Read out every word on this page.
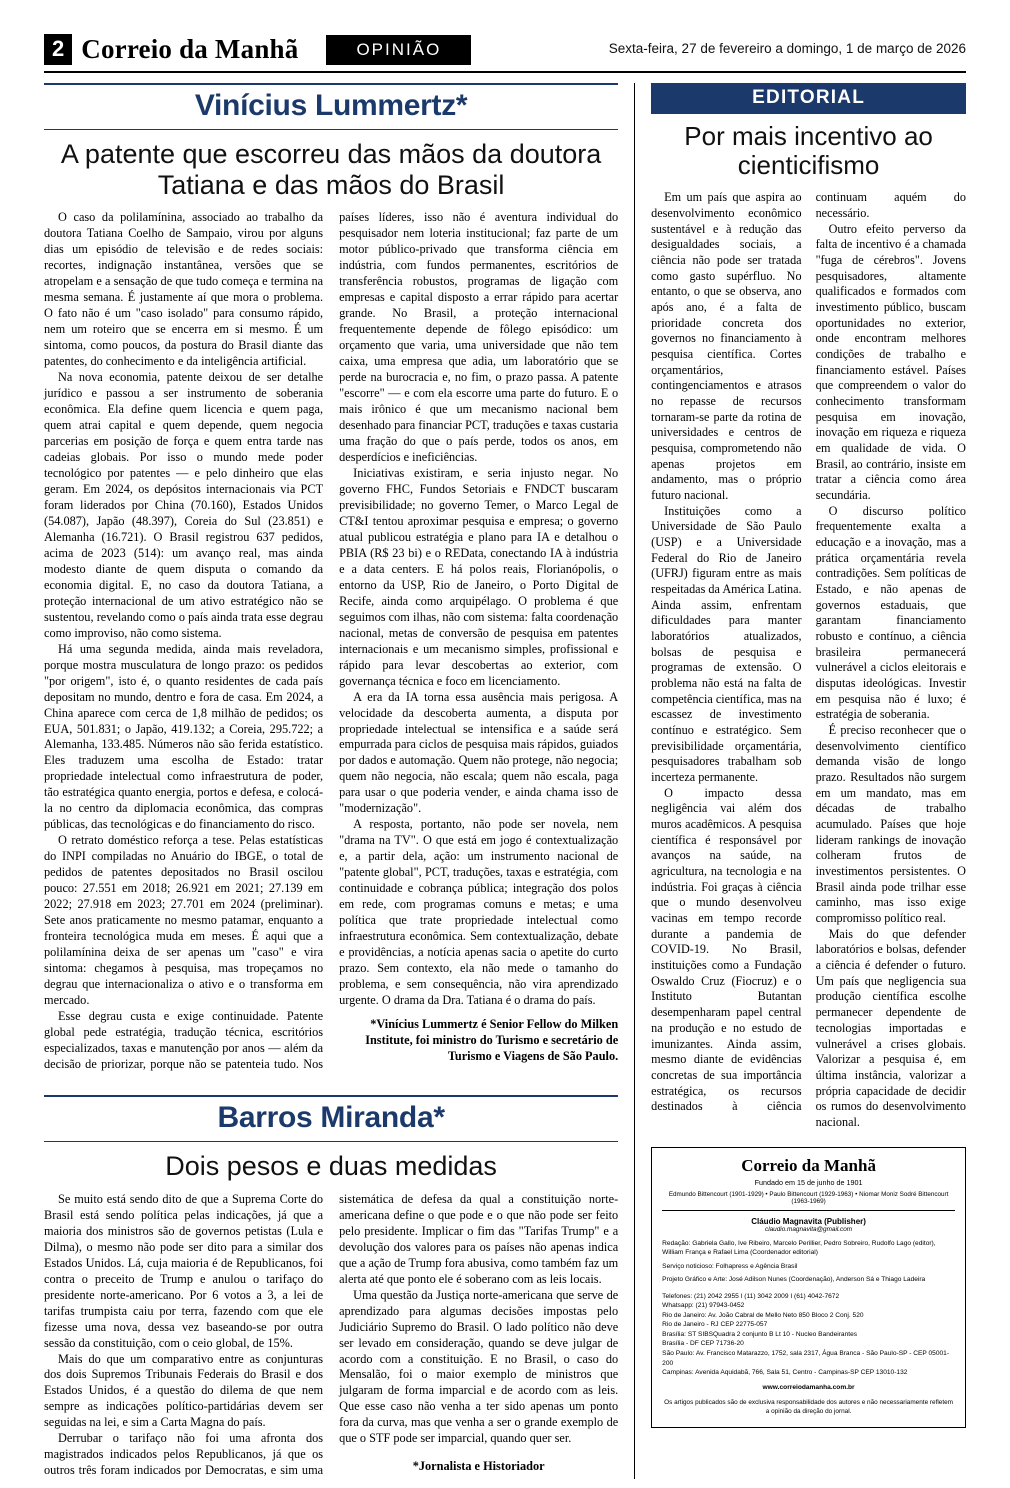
2 Correio da Manhã	OPINIÃO	Sexta-feira, 27 de fevereiro a domingo, 1 de março de 2026
Vinícius Lummertz*
A patente que escorreu das mãos da doutora Tatiana e das mãos do Brasil

O caso da polilamínina, associado ao trabalho da doutora Tatiana Coelho de Sampaio, virou por alguns dias um episódio de televisão e de redes sociais: recortes, indignação instantânea, versões que se atropelam e a sensação de que tudo começa e termina na mesma semana. É justamente aí que mora o problema. O fato não é um "caso isolado" para consumo rápido, nem um roteiro que se encerra em si mesmo. É um sintoma, como poucos, da postura do Brasil diante das patentes, do conhecimento e da inteligência artificial.

Na nova economia, patente deixou de ser detalhe jurídico e passou a ser instrumento de soberania econômica. Ela define quem licencia e quem paga, quem atrai capital e quem depende, quem negocia parcerias em posição de força e quem entra tarde nas cadeias globais. Por isso o mundo mede poder tecnológico por patentes — e pelo dinheiro que elas geram. Em 2024, os depósitos internacionais via PCT foram liderados por China (70.160), Estados Unidos (54.087), Japão (48.397), Coreia do Sul (23.851) e Alemanha (16.721). O Brasil registrou 637 pedidos, acima de 2023 (514): um avanço real, mas ainda modesto diante de quem disputa o comando da economia digital. E, no caso da doutora Tatiana, a proteção internacional de um ativo estratégico não se sustentou, revelando como o país ainda trata esse degrau como improviso, não como sistema.

Há uma segunda medida, ainda mais reveladora, porque mostra musculatura de longo prazo: os pedidos "por origem", isto é, o quanto residentes de cada país depositam no mundo, dentro e fora de casa. Em 2024, a China aparece com cerca de 1,8 milhão de pedidos; os EUA, 501.831; o Japão, 419.132; a Coreia, 295.722; a Alemanha, 133.485. Números não são ferida estatístico. Eles traduzem uma escolha de Estado: tratar propriedade intelectual como infraestrutura de poder, tão estratégica quanto energia, portos e defesa, e colocá-la no centro da diplomacia econômica, das compras públicas, das tecnológicas e do financiamento do risco.

O retrato doméstico reforça a tese. Pelas estatísticas do INPI compiladas no Anuário do IBGE, o total de pedidos de patentes depositados no Brasil oscilou pouco: 27.551 em 2018; 26.921 em 2021; 27.139 em 2022; 27.918 em 2023; 27.701 em 2024 (preliminar). Sete anos praticamente no mesmo patamar, enquanto a fronteira tecnológica muda em meses. É aqui que a polilamínina deixa de ser apenas um "caso" e vira sintoma: chegamos à pesquisa, mas tropeçamos no degrau que internacionaliza o ativo e o transforma em mercado.

Esse degrau custa e exige continuidade. Patente global pede estratégia, tradução técnica, escritórios especializados, taxas e manutenção por anos — além da decisão de priorizar, porque não se patenteia tudo. Nos países líderes, isso não é aventura individual do pesquisador nem loteria institucional; faz parte de um motor público-privado que transforma ciência em indústria, com fundos permanentes, escritórios de transferência robustos, programas de ligação com empresas e capital disposto a errar rápido para acertar grande. No Brasil, a proteção internacional frequentemente depende de fôlego episódico: um orçamento que varia, uma universidade que não tem caixa, uma empresa que adia, um laboratório que se perde na burocracia e, no fim, o prazo passa. A patente "escorre" — e com ela escorre uma parte do futuro. E o mais irônico é que um mecanismo nacional bem desenhado para financiar PCT, traduções e taxas custaria uma fração do que o país perde, todos os anos, em desperdícios e ineficiências.

Iniciativas existiram, e seria injusto negar. No governo FHC, Fundos Setoriais e FNDCT buscaram previsibilidade; no governo Temer, o Marco Legal de CT&I tentou aproximar pesquisa e empresa; o governo atual publicou estratégia e plano para IA e detalhou o PBIA (R$ 23 bi) e o REData, conectando IA à indústria e a data centers. E há polos reais, Florianópolis, o entorno da USP, Rio de Janeiro, o Porto Digital de Recife, ainda como arquipélago. O problema é que seguimos com ilhas, não com sistema: falta coordenação nacional, metas de conversão de pesquisa em patentes internacionais e um mecanismo simples, profissional e rápido para levar descobertas ao exterior, com governança técnica e foco em licenciamento.

A era da IA torna essa ausência mais perigosa. A velocidade da descoberta aumenta, a disputa por propriedade intelectual se intensifica e a saúde será empurrada para ciclos de pesquisa mais rápidos, guiados por dados e automação. Quem não protege, não negocia; quem não negocia, não escala; quem não escala, paga para usar o que poderia vender, e ainda chama isso de "modernização".

A resposta, portanto, não pode ser novela, nem "drama na TV". O que está em jogo é contextualização e, a partir dela, ação: um instrumento nacional de "patente global", PCT, traduções, taxas e estratégia, com continuidade e cobrança pública; integração dos polos em rede, com programas comuns e metas; e uma política que trate propriedade intelectual como infraestrutura econômica. Sem contextualização, debate e providências, a notícia apenas sacia o apetite do curto prazo. Sem contexto, ela não mede o tamanho do problema, e sem consequência, não vira aprendizado urgente. O drama da Dra. Tatiana é o drama do país.

*Vinícius Lummertz é Senior Fellow do Milken Institute, foi ministro do Turismo e secretário de Turismo e Viagens de São Paulo.

Barros Miranda*
Dois pesos e duas medidas

Se muito está sendo dito de que a Suprema Corte do Brasil está sendo política pelas indicações, já que a maioria dos ministros são de governos petistas (Lula e Dilma), o mesmo não pode ser dito para a similar dos Estados Unidos. Lá, cuja maioria é de Republicanos, foi contra o preceito de Trump e anulou o tarifaço do presidente norte-americano. Por 6 votos a 3, a lei de tarifas trumpista caiu por terra, fazendo com que ele fizesse uma nova, dessa vez baseando-se por outra sessão da constituição, com o ceio global, de 15%.

Mais do que um comparativo entre as conjunturas dos dois Supremos Tribunais Federais do Brasil e dos Estados Unidos, é a questão do dilema de que nem sempre as indicações político-partidárias devem ser seguidas na lei, e sim a Carta Magna do país.

Derrubar o tarifaço não foi uma afronta dos magistrados indicados pelos Republicanos, já que os outros três foram indicados por Democratas, e sim uma sistemática de defesa da qual a constituição norte-americana define o que pode e o que não pode ser feito pelo presidente. Implicar o fim das "Tarifas Trump" e a devolução dos valores para os países não apenas indica que a ação de Trump fora abusiva, como também faz um alerta até que ponto ele é soberano com as leis locais.

Uma questão da Justiça norte-americana que serve de aprendizado para algumas decisões impostas pelo Judiciário Supremo do Brasil. O lado político não deve ser levado em consideração, quando se deve julgar de acordo com a constituição. E no Brasil, o caso do Mensalão, foi o maior exemplo de ministros que julgaram de forma imparcial e de acordo com as leis. Que esse caso não venha a ter sido apenas um ponto fora da curva, mas que venha a ser o grande exemplo de que o STF pode ser imparcial, quando quer ser.

*Jornalista e Historiador

EDITORIAL
Por mais incentivo ao cienticifismo

Em um país que aspira ao desenvolvimento econômico sustentável e à redução das desigualdades sociais, a ciência não pode ser tratada como gasto supérfluo. No entanto, o que se observa, ano após ano, é a falta de prioridade concreta dos governos no financiamento à pesquisa científica. Cortes orçamentários, contingenciamentos e atrasos no repasse de recursos tornaram-se parte da rotina de universidades e centros de pesquisa, comprometendo não apenas projetos em andamento, mas o próprio futuro nacional.

Instituições como a Universidade de São Paulo (USP) e a Universidade Federal do Rio de Janeiro (UFRJ) figuram entre as mais respeitadas da América Latina. Ainda assim, enfrentam dificuldades para manter laboratórios atualizados, bolsas de pesquisa e programas de extensão. O problema não está na falta de competência científica, mas na escassez de investimento contínuo e estratégico. Sem previsibilidade orçamentária, pesquisadores trabalham sob incerteza permanente.

O impacto dessa negligência vai além dos muros acadêmicos. A pesquisa científica é responsável por avanços na saúde, na agricultura, na tecnologia e na indústria. Foi graças à ciência que o mundo desenvolveu vacinas em tempo recorde durante a pandemia de COVID-19. No Brasil, instituições como a Fundação Oswaldo Cruz (Fiocruz) e o Instituto Butantan desempenharam papel central na produção e no estudo de imunizantes. Ainda assim, mesmo diante de evidências concretas de sua importância estratégica, os recursos destinados à ciência continuam aquém do necessário.

Outro efeito perverso da falta de incentivo é a chamada "fuga de cérebros". Jovens pesquisadores, altamente qualificados e formados com investimento público, buscam oportunidades no exterior, onde encontram melhores condições de trabalho e financiamento estável. Países que compreendem o valor do conhecimento transformam pesquisa em inovação, inovação em riqueza e riqueza em qualidade de vida. O Brasil, ao contrário, insiste em tratar a ciência como área secundária.

O discurso político frequentemente exalta a educação e a inovação, mas a prática orçamentária revela contradições. Sem políticas de Estado, e não apenas de governos estaduais, que garantam financiamento robusto e contínuo, a ciência brasileira permanecerá vulnerável a ciclos eleitorais e disputas ideológicas. Investir em pesquisa não é luxo; é estratégia de soberania.

É preciso reconhecer que o desenvolvimento científico demanda visão de longo prazo. Resultados não surgem em um mandato, mas em décadas de trabalho acumulado. Países que hoje lideram rankings de inovação colheram frutos de investimentos persistentes. O Brasil ainda pode trilhar esse caminho, mas isso exige compromisso político real.

Mais do que defender laboratórios e bolsas, defender a ciência é defender o futuro. Um país que negligencia sua produção científica escolhe permanecer dependente de tecnologias importadas e vulnerável a crises globais. Valorizar a pesquisa é, em última instância, valorizar a própria capacidade de decidir os rumos do desenvolvimento nacional.

Correio da Manhã
Fundado em 15 de junho de 1901
Edmundo Bittencourt (1901-1929) • Paulo Bittencourt (1929-1963) • Niomar Moniz Sodré Bittencourt (1963-1969)
Cláudio Magnavita (Publisher)
claudio.magnavita@gmail.com
Redação: Gabriela Gallo, Ive Ribeiro, Marcelo Perillier, Pedro Sobreiro, Rudolfo Lago (editor), William França e Rafael Lima (Coordenador editorial)
Serviço noticioso: Folhapress e Agência Brasil
Projeto Gráfico e Arte: José Adilson Nunes (Coordenação), Anderson Sá e Thiago Ladeira
Telefones: (21) 2042 2955 I (11) 3042 2009 I (61) 4042-7672
Whatsapp: (21) 97943-0452
Rio de Janeiro: Av. João Cabral de Mello Neto 850 Bloco 2 Conj. 520
Rio de Janeiro - RJ CEP 22775-057
Brasília: ST SIBSQuadra 2 conjunto B Lt 10 - Nucleo Bandeirantes
Brasília - DF CEP 71736-20
São Paulo: Av. Francisco Matarazzo, 1752, sala 2317, Água Branca - São Paulo-SP - CEP 05001-200
Campinas: Avenida Aquidabã, 766, Sala 51, Centro - Campinas-SP CEP 13010-132
www.correiodamanha.com.br
Os artigos publicados são de exclusiva responsabilidade dos autores e não necessariamente refletem a opinião da direção do jornal.
